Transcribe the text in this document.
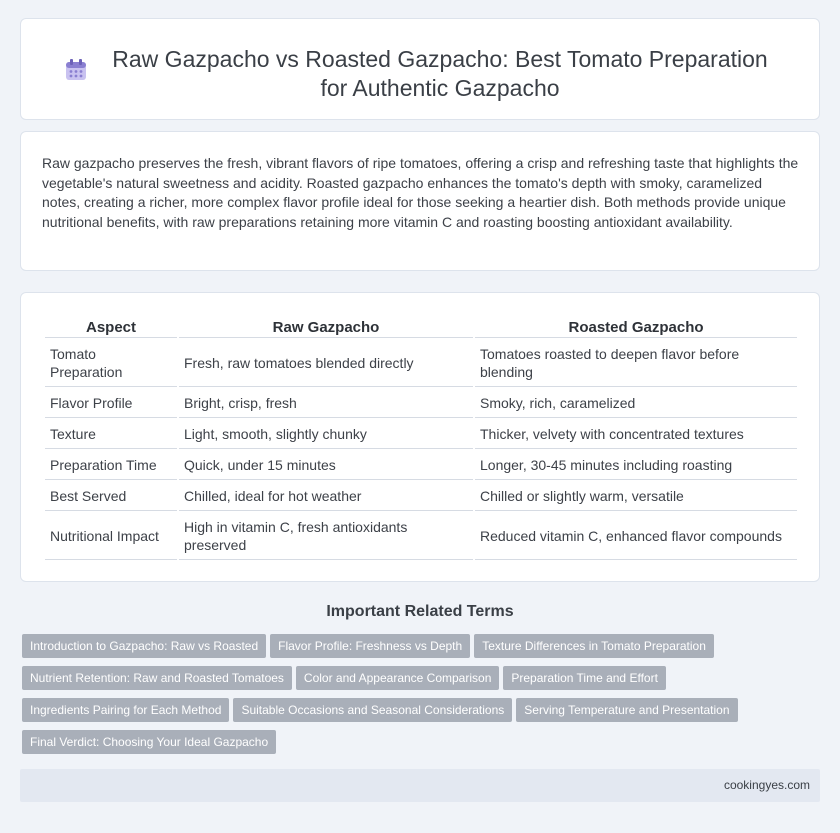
Raw Gazpacho vs Roasted Gazpacho: Best Tomato Preparation for Authentic Gazpacho

Raw gazpacho preserves the fresh, vibrant flavors of ripe tomatoes, offering a crisp and refreshing taste that highlights the vegetable's natural sweetness and acidity. Roasted gazpacho enhances the tomato's depth with smoky, caramelized notes, creating a richer, more complex flavor profile ideal for those seeking a heartier dish. Both methods provide unique nutritional benefits, with raw preparations retaining more vitamin C and roasting boosting antioxidant availability.

Aspect	Raw Gazpacho	Roasted Gazpacho
Tomato Preparation	Fresh, raw tomatoes blended directly	Tomatoes roasted to deepen flavor before blending
Flavor Profile	Bright, crisp, fresh	Smoky, rich, caramelized
Texture	Light, smooth, slightly chunky	Thicker, velvety with concentrated textures
Preparation Time	Quick, under 15 minutes	Longer, 30-45 minutes including roasting
Best Served	Chilled, ideal for hot weather	Chilled or slightly warm, versatile
Nutritional Impact	High in vitamin C, fresh antioxidants preserved	Reduced vitamin C, enhanced flavor compounds
Important Related Terms
Introduction to Gazpacho: Raw vs Roasted Flavor Profile: Freshness vs Depth Texture Differences in Tomato Preparation
Nutrient Retention: Raw and Roasted Tomatoes Color and Appearance Comparison Preparation Time and Effort
Ingredients Pairing for Each Method Suitable Occasions and Seasonal Considerations Serving Temperature and Presentation
Final Verdict: Choosing Your Ideal Gazpacho
cookingyes.com
